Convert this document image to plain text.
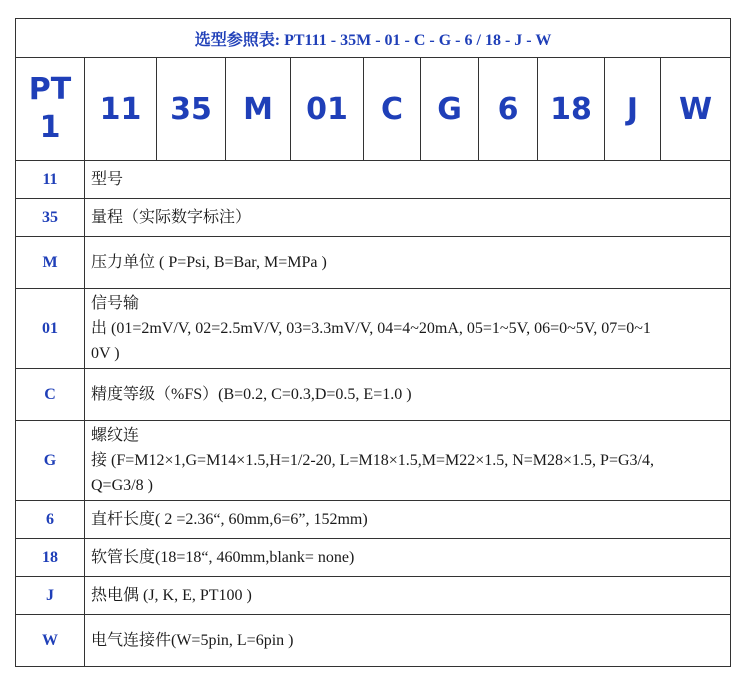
选型参照表: PT111 - 35M - 01 - C - G - 6 / 18 - J - W										

PT
1	11	35	M	01	C	G	6	18	J	W
11	型号									
35	量程（实际数字标注）									
M	压力单位 ( P=Psi, B=Bar, M=MPa )									
01	信号输
出 (01=2mV/V, 02=2.5mV/V, 03=3.3mV/V, 04=4~20mA, 05=1~5V, 06=0~5V, 07=0~1
0V )									

C	精度等级（%FS）(B=0.2, C=0.3,D=0.5, E=1.0 )									
G	螺纹连
接 (F=M12×1,G=M14×1.5,H=1/2-20, L=M18×1.5,M=M22×1.5, N=M28×1.5, P=G3/4,
Q=G3/8 )									

6	直杆长度( 2 =2.36“, 60mm,6=6”, 152mm)									
18	软管长度(18=18“, 460mm,blank= none)									
J	热电偶 (J, K, E, PT100 )									
W	电气连接件(W=5pin, L=6pin )									
